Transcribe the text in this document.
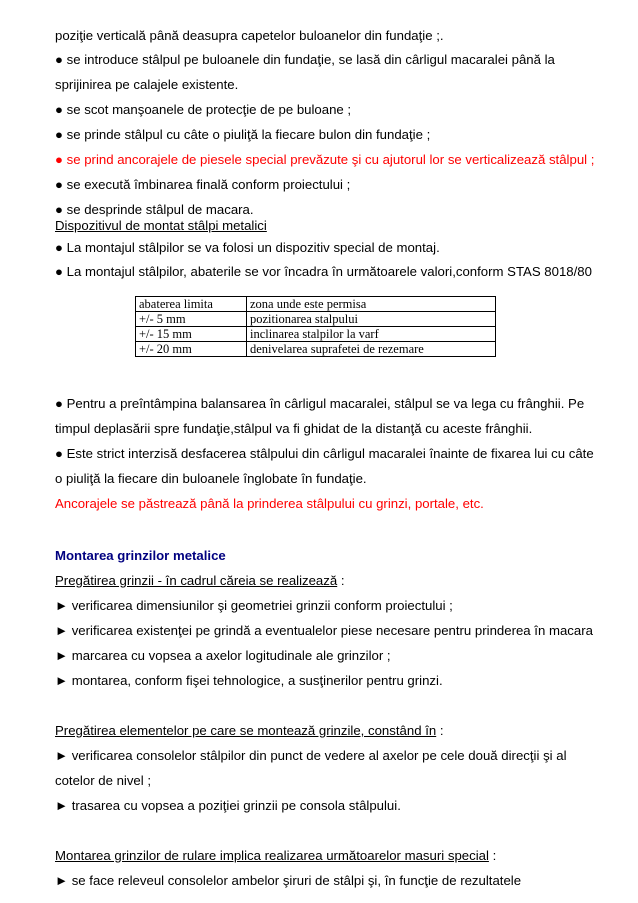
poziţie verticală până deasupra capetelor buloanelor din fundaţie ;.
● se introduce stâlpul pe buloanele din fundaţie, se lasă din cârligul macaralei până la
sprijinirea pe calajele existente.
● se scot manşoanele de protecţie de pe buloane ;
● se prinde stâlpul cu câte o piuliţă la fiecare bulon din fundaţie ;
● se prind ancorajele de piesele special prevăzute şi cu ajutorul lor se verticalizează stâlpul ;
● se execută îmbinarea finală conform proiectului ;
● se desprinde stâlpul de macara.
Dispozitivul de montat stâlpi metalici
● La montajul stâlpilor se va folosi un dispozitiv special de montaj.
● La montajul stâlpilor, abaterile se vor încadra în următoarele valori,conform STAS 8018/80
abaterea limita	zona unde este permisa
+/- 5 mm	pozitionarea stalpului
+/- 15 mm	inclinarea stalpilor la varf
+/- 20 mm	denivelarea suprafetei de rezemare
● Pentru a preîntâmpina balansarea în cârligul macaralei, stâlpul se va lega cu frânghii. Pe
timpul deplasării spre fundaţie,stâlpul va fi ghidat de la distanţă cu aceste frânghii.
● Este strict interzisă desfacerea stâlpului din cârligul macaralei înainte de fixarea lui cu câte
o piuliţă la fiecare din buloanele înglobate în fundaţie.
Ancorajele se păstrează până la prinderea stâlpului cu grinzi, portale, etc.
Montarea grinzilor metalice
Pregătirea grinzii - în cadrul căreia se realizează :
► verificarea dimensiunilor şi geometriei grinzii conform proiectului ;
► verificarea existenţei pe grindă a eventualelor piese necesare pentru prinderea în macara
► marcarea cu vopsea a axelor logitudinale ale grinzilor ;
► montarea, conform fişei tehnologice, a susţinerilor pentru grinzi.
Pregătirea elementelor pe care se montează grinzile, constând în :
► verificarea consolelor stâlpilor din punct de vedere al axelor pe cele două direcţii şi al
cotelor de nivel ;
► trasarea cu vopsea a poziţiei grinzii pe consola stâlpului.
Montarea grinzilor de rulare implica realizarea următoarelor masuri special :
► se face releveul consolelor ambelor şiruri de stâlpi şi, în funcţie de rezultatele
